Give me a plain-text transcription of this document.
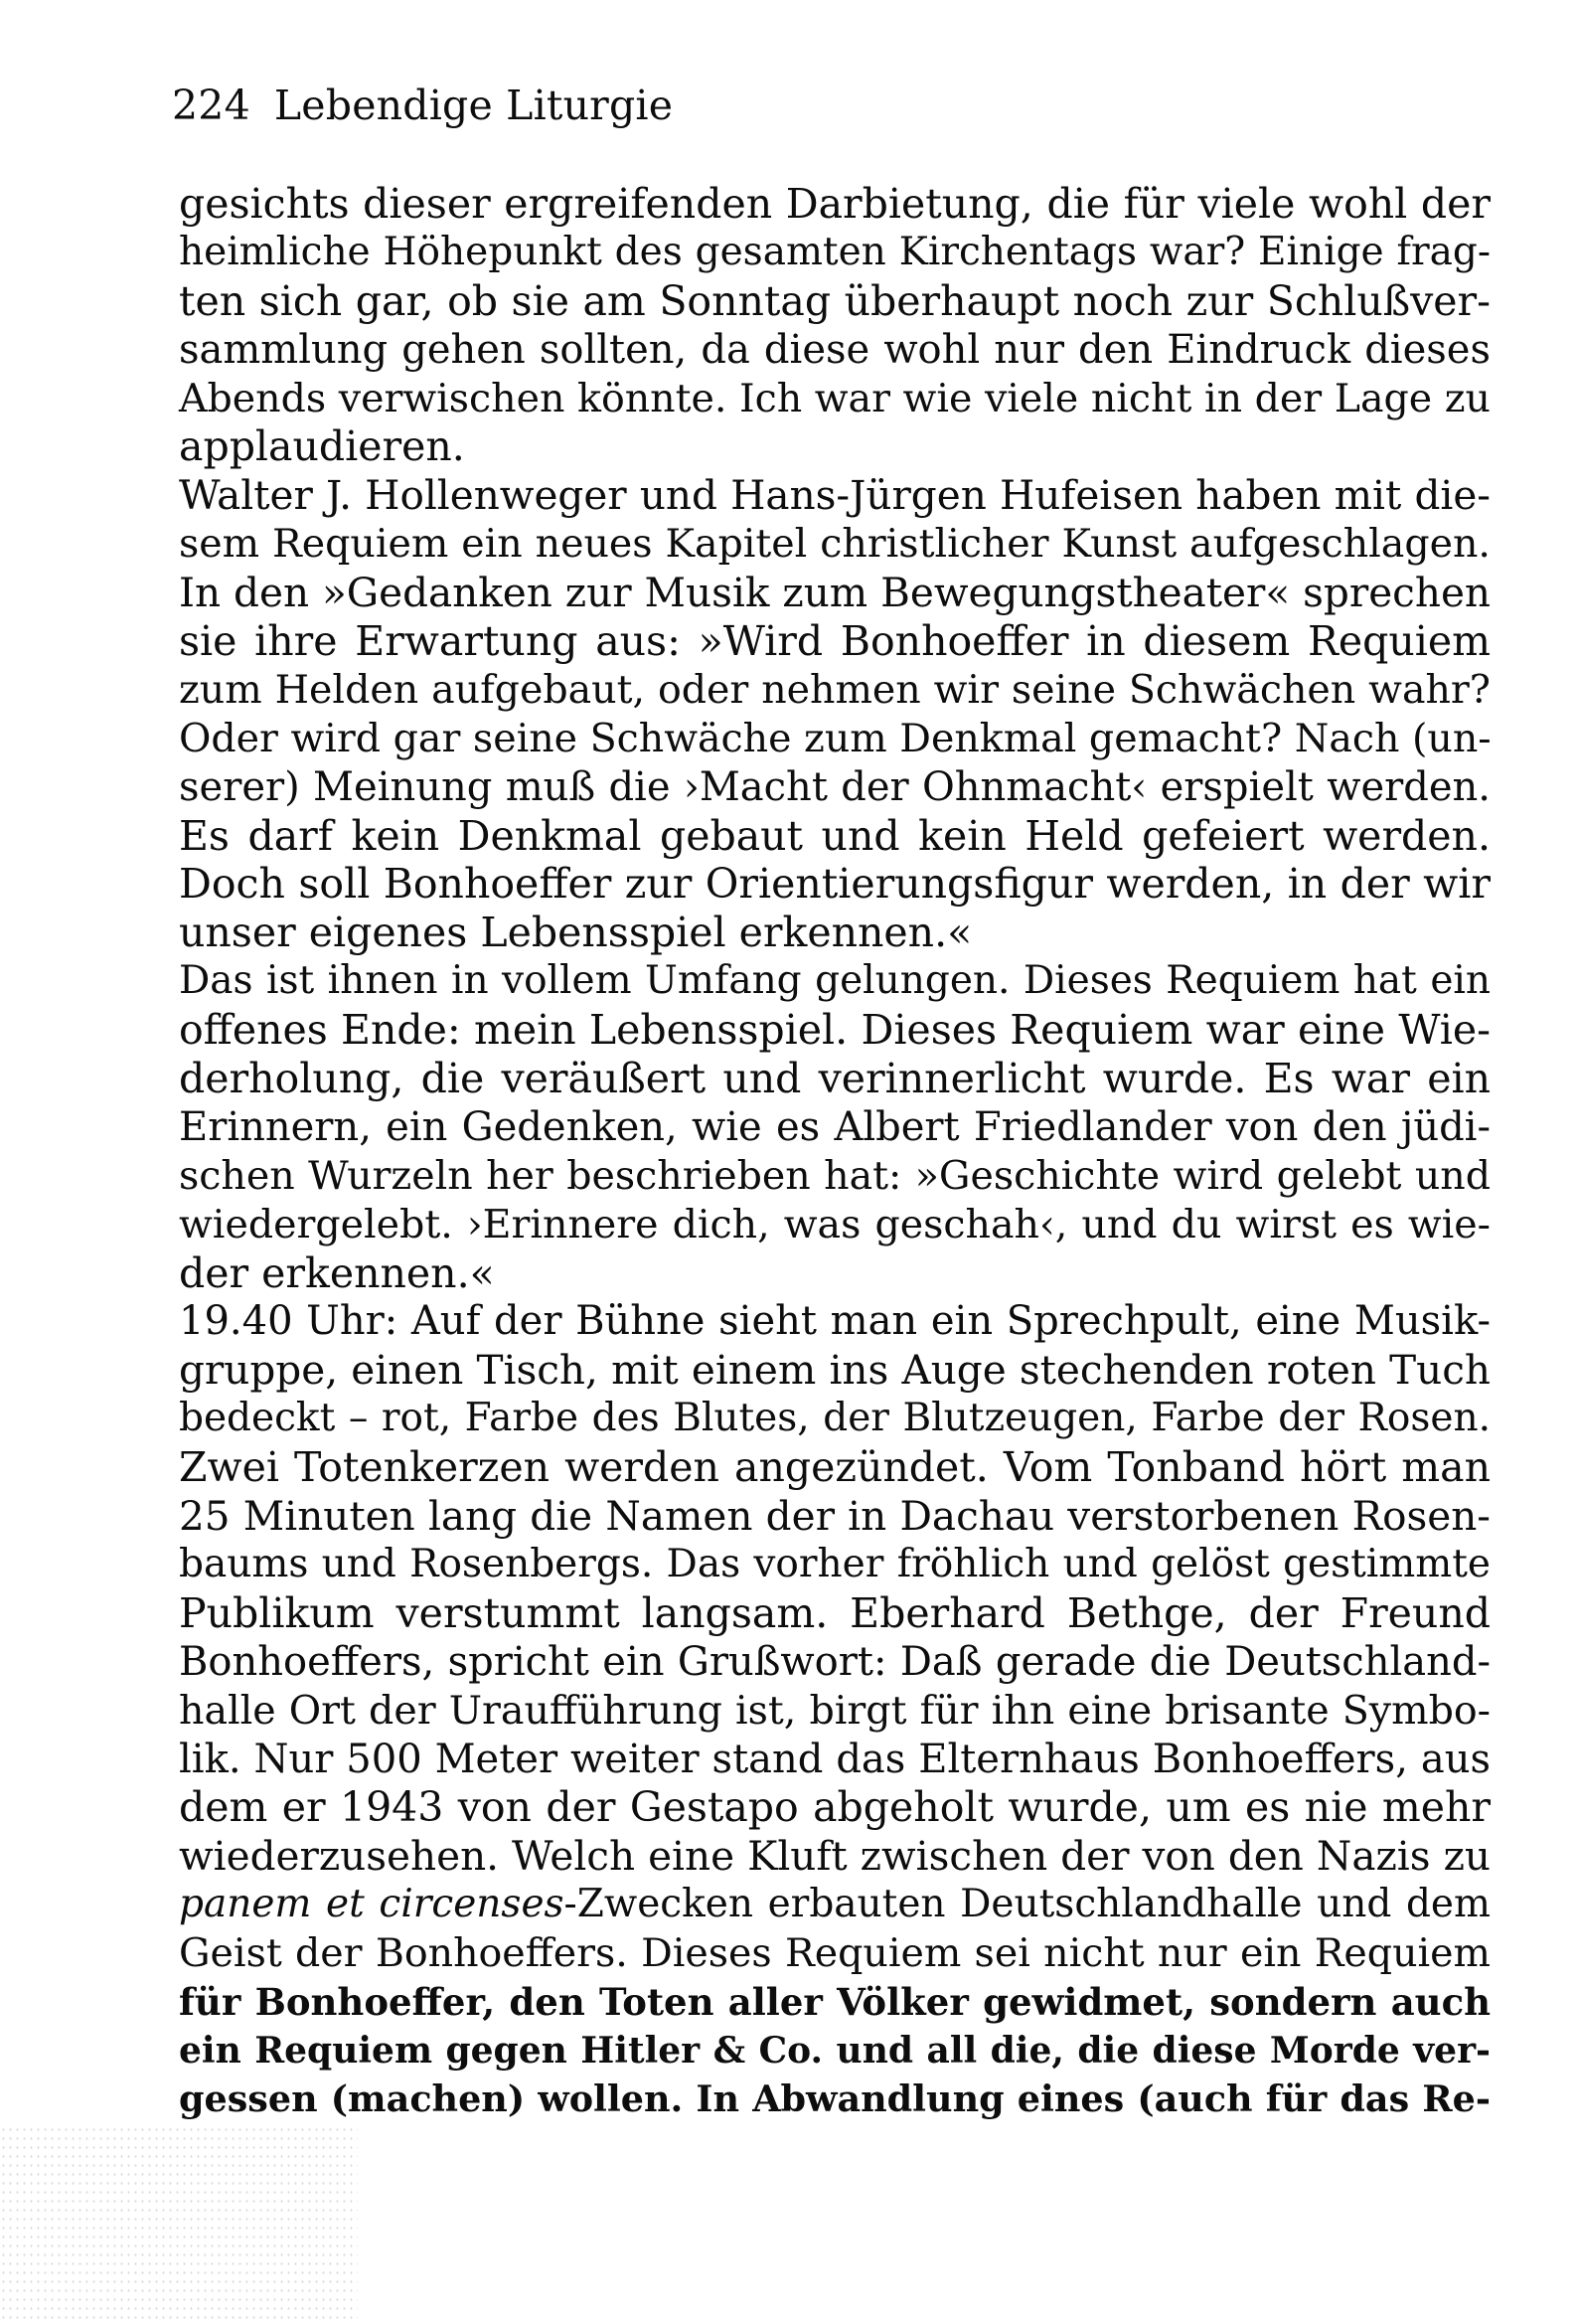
224 Lebendige Liturgie
gesichts dieser ergreifenden Darbietung, die für viele wohl der
heimliche Höhepunkt des gesamten Kirchentags war? Einige frag-
ten sich gar, ob sie am Sonntag überhaupt noch zur Schlußver-
sammlung gehen sollten, da diese wohl nur den Eindruck dieses
Abends verwischen könnte. Ich war wie viele nicht in der Lage zu
applaudieren.
Walter J. Hollenweger und Hans-Jürgen Hufeisen haben mit die-
sem Requiem ein neues Kapitel christlicher Kunst aufgeschlagen.
In den »Gedanken zur Musik zum Bewegungstheater« sprechen
sie ihre Erwartung aus: »Wird Bonhoeffer in diesem Requiem
zum Helden aufgebaut, oder nehmen wir seine Schwächen wahr?
Oder wird gar seine Schwäche zum Denkmal gemacht? Nach (un-
serer) Meinung muß die ›Macht der Ohnmacht‹ erspielt werden.
Es darf kein Denkmal gebaut und kein Held gefeiert werden.
Doch soll Bonhoeffer zur Orientierungsfigur werden, in der wir
unser eigenes Lebensspiel erkennen.«
Das ist ihnen in vollem Umfang gelungen. Dieses Requiem hat ein
offenes Ende: mein Lebensspiel. Dieses Requiem war eine Wie-
derholung, die veräußert und verinnerlicht wurde. Es war ein
Erinnern, ein Gedenken, wie es Albert Friedlander von den jüdi-
schen Wurzeln her beschrieben hat: »Geschichte wird gelebt und
wiedergelebt. ›Erinnere dich, was geschah‹, und du wirst es wie-
der erkennen.«
19.40 Uhr: Auf der Bühne sieht man ein Sprechpult, eine Musik-
gruppe, einen Tisch, mit einem ins Auge stechenden roten Tuch
bedeckt – rot, Farbe des Blutes, der Blutzeugen, Farbe der Rosen.
Zwei Totenkerzen werden angezündet. Vom Tonband hört man
25 Minuten lang die Namen der in Dachau verstorbenen Rosen-
baums und Rosenbergs. Das vorher fröhlich und gelöst gestimmte
Publikum verstummt langsam. Eberhard Bethge, der Freund
Bonhoeffers, spricht ein Grußwort: Daß gerade die Deutschland-
halle Ort der Uraufführung ist, birgt für ihn eine brisante Symbo-
lik. Nur 500 Meter weiter stand das Elternhaus Bonhoeffers, aus
dem er 1943 von der Gestapo abgeholt wurde, um es nie mehr
wiederzusehen. Welch eine Kluft zwischen der von den Nazis zu
panem et circenses-Zwecken erbauten Deutschlandhalle und dem
Geist der Bonhoeffers. Dieses Requiem sei nicht nur ein Requiem
für Bonhoeffer, den Toten aller Völker gewidmet, sondern auch
ein Requiem gegen Hitler & Co. und all die, die diese Morde ver-
gessen (machen) wollen. In Abwandlung eines (auch für das Re-
